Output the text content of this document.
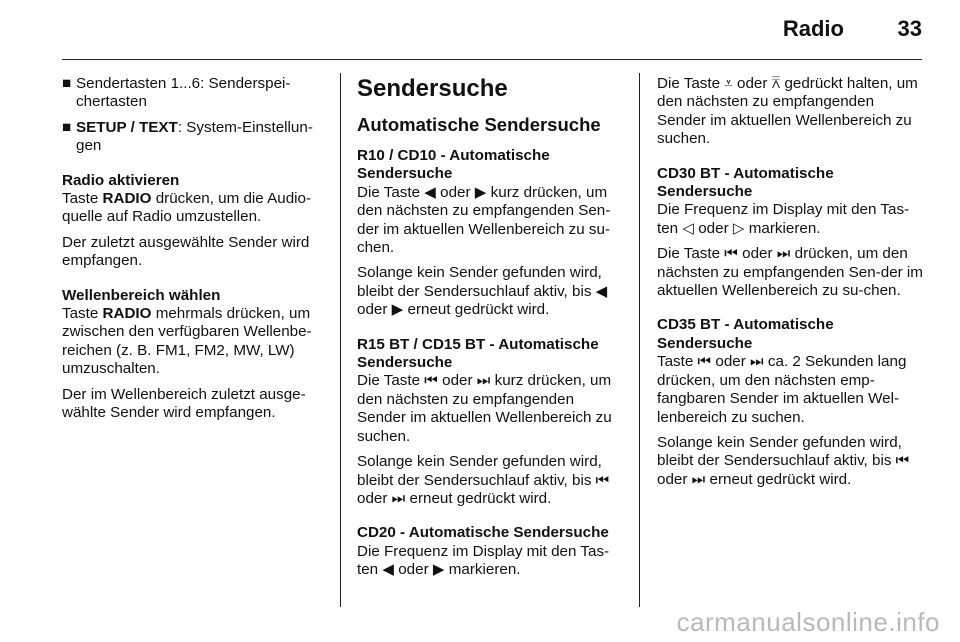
Radio 33

■ Sendertasten 1...6: Senderspei-chertasten

■ SETUP / TEXT: System-Einstellun-gen

Radio aktivieren

Taste RADIO drücken, um die Audio-quelle auf Radio umzustellen.

Der zuletzt ausgewählte Sender wird empfangen.

Wellenbereich wählen

Taste RADIO mehrmals drücken, um zwischen den verfügbaren Wellenbe-reichen (z. B. FM1, FM2, MW, LW) umzuschalten.

Der im Wellenbereich zuletzt ausge-wählte Sender wird empfangen.

Sendersuche
Automatische Sendersuche

R10 / CD10 - Automatische Sendersuche

Die Taste ◀ oder ▶ kurz drücken, um den nächsten zu empfangenden Sen-der im aktuellen Wellenbereich zu su-chen.

Solange kein Sender gefunden wird, bleibt der Sendersuchlauf aktiv, bis ◀ oder ▶ erneut gedrückt wird.

R15 BT / CD15 BT - Automatische Sendersuche

Die Taste ⏮ oder ⏭ kurz drücken, um den nächsten zu empfangenden Sender im aktuellen Wellenbereich zu suchen.

Solange kein Sender gefunden wird, bleibt der Sendersuchlauf aktiv, bis ⏮ oder ⏭ erneut gedrückt wird.

CD20 - Automatische Sendersuche

Die Frequenz im Display mit den Tas-ten ◀ oder ▶ markieren.

Die Taste ⩡ oder ⩞ gedrückt halten, um den nächsten zu empfangenden Sender im aktuellen Wellenbereich zu suchen.

CD30 BT - Automatische Sendersuche

Die Frequenz im Display mit den Tas-ten ◁ oder ▷ markieren.

Die Taste ⏮ oder ⏭ drücken, um den nächsten zu empfangenden Sen-der im aktuellen Wellenbereich zu su-chen.

CD35 BT - Automatische Sendersuche

Taste ⏮ oder ⏭ ca. 2 Sekunden lang drücken, um den nächsten emp-fangbaren Sender im aktuellen Wel-lenbereich zu suchen.

Solange kein Sender gefunden wird, bleibt der Sendersuchlauf aktiv, bis ⏮ oder ⏭ erneut gedrückt wird.

carmanualsonline.info
